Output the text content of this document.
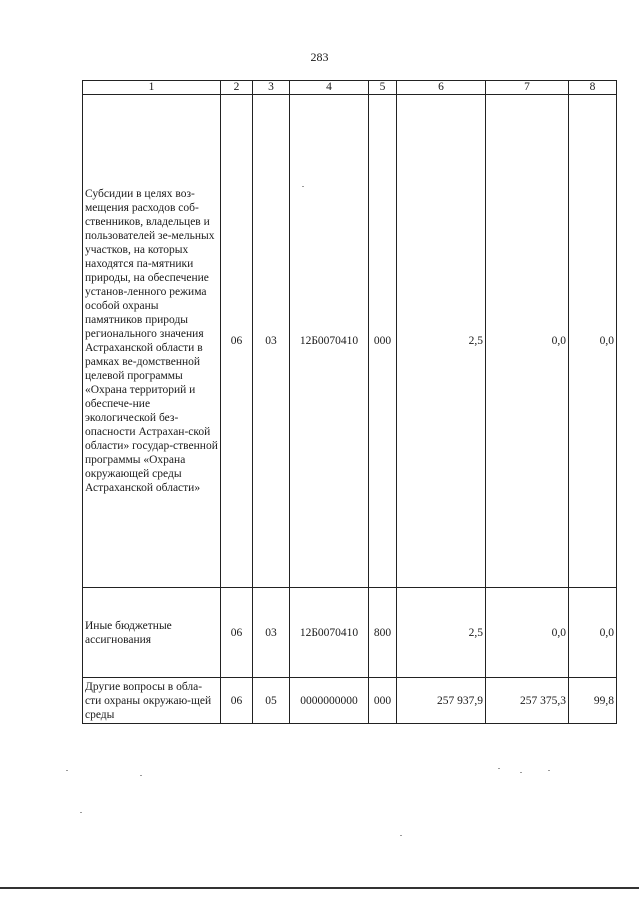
283
1	2	3	4	5	6	7	8
Субсидии в целях воз-мещения расходов соб-ственников, владельцев и пользователей зе-мельных участков, на которых находятся па-мятники природы, на обеспечение установ-ленного режима особой охраны памятников природы регионального значения Астраханской области в рамках ве-домственной целевой программы «Охрана территорий и обеспече-ние экологической без-опасности Астрахан-ской области» государ-ственной программы «Охрана окружающей среды Астраханской области»	06	03	12Б0070410	000	2,5	0,0	0,0
Иные бюджетные ассигнования	06	03	12Б0070410	800	2,5	0,0	0,0
Другие вопросы в обла-сти охраны окружаю-щей среды	06	05	0000000000	000	257 937,9	257 375,3	99,8
